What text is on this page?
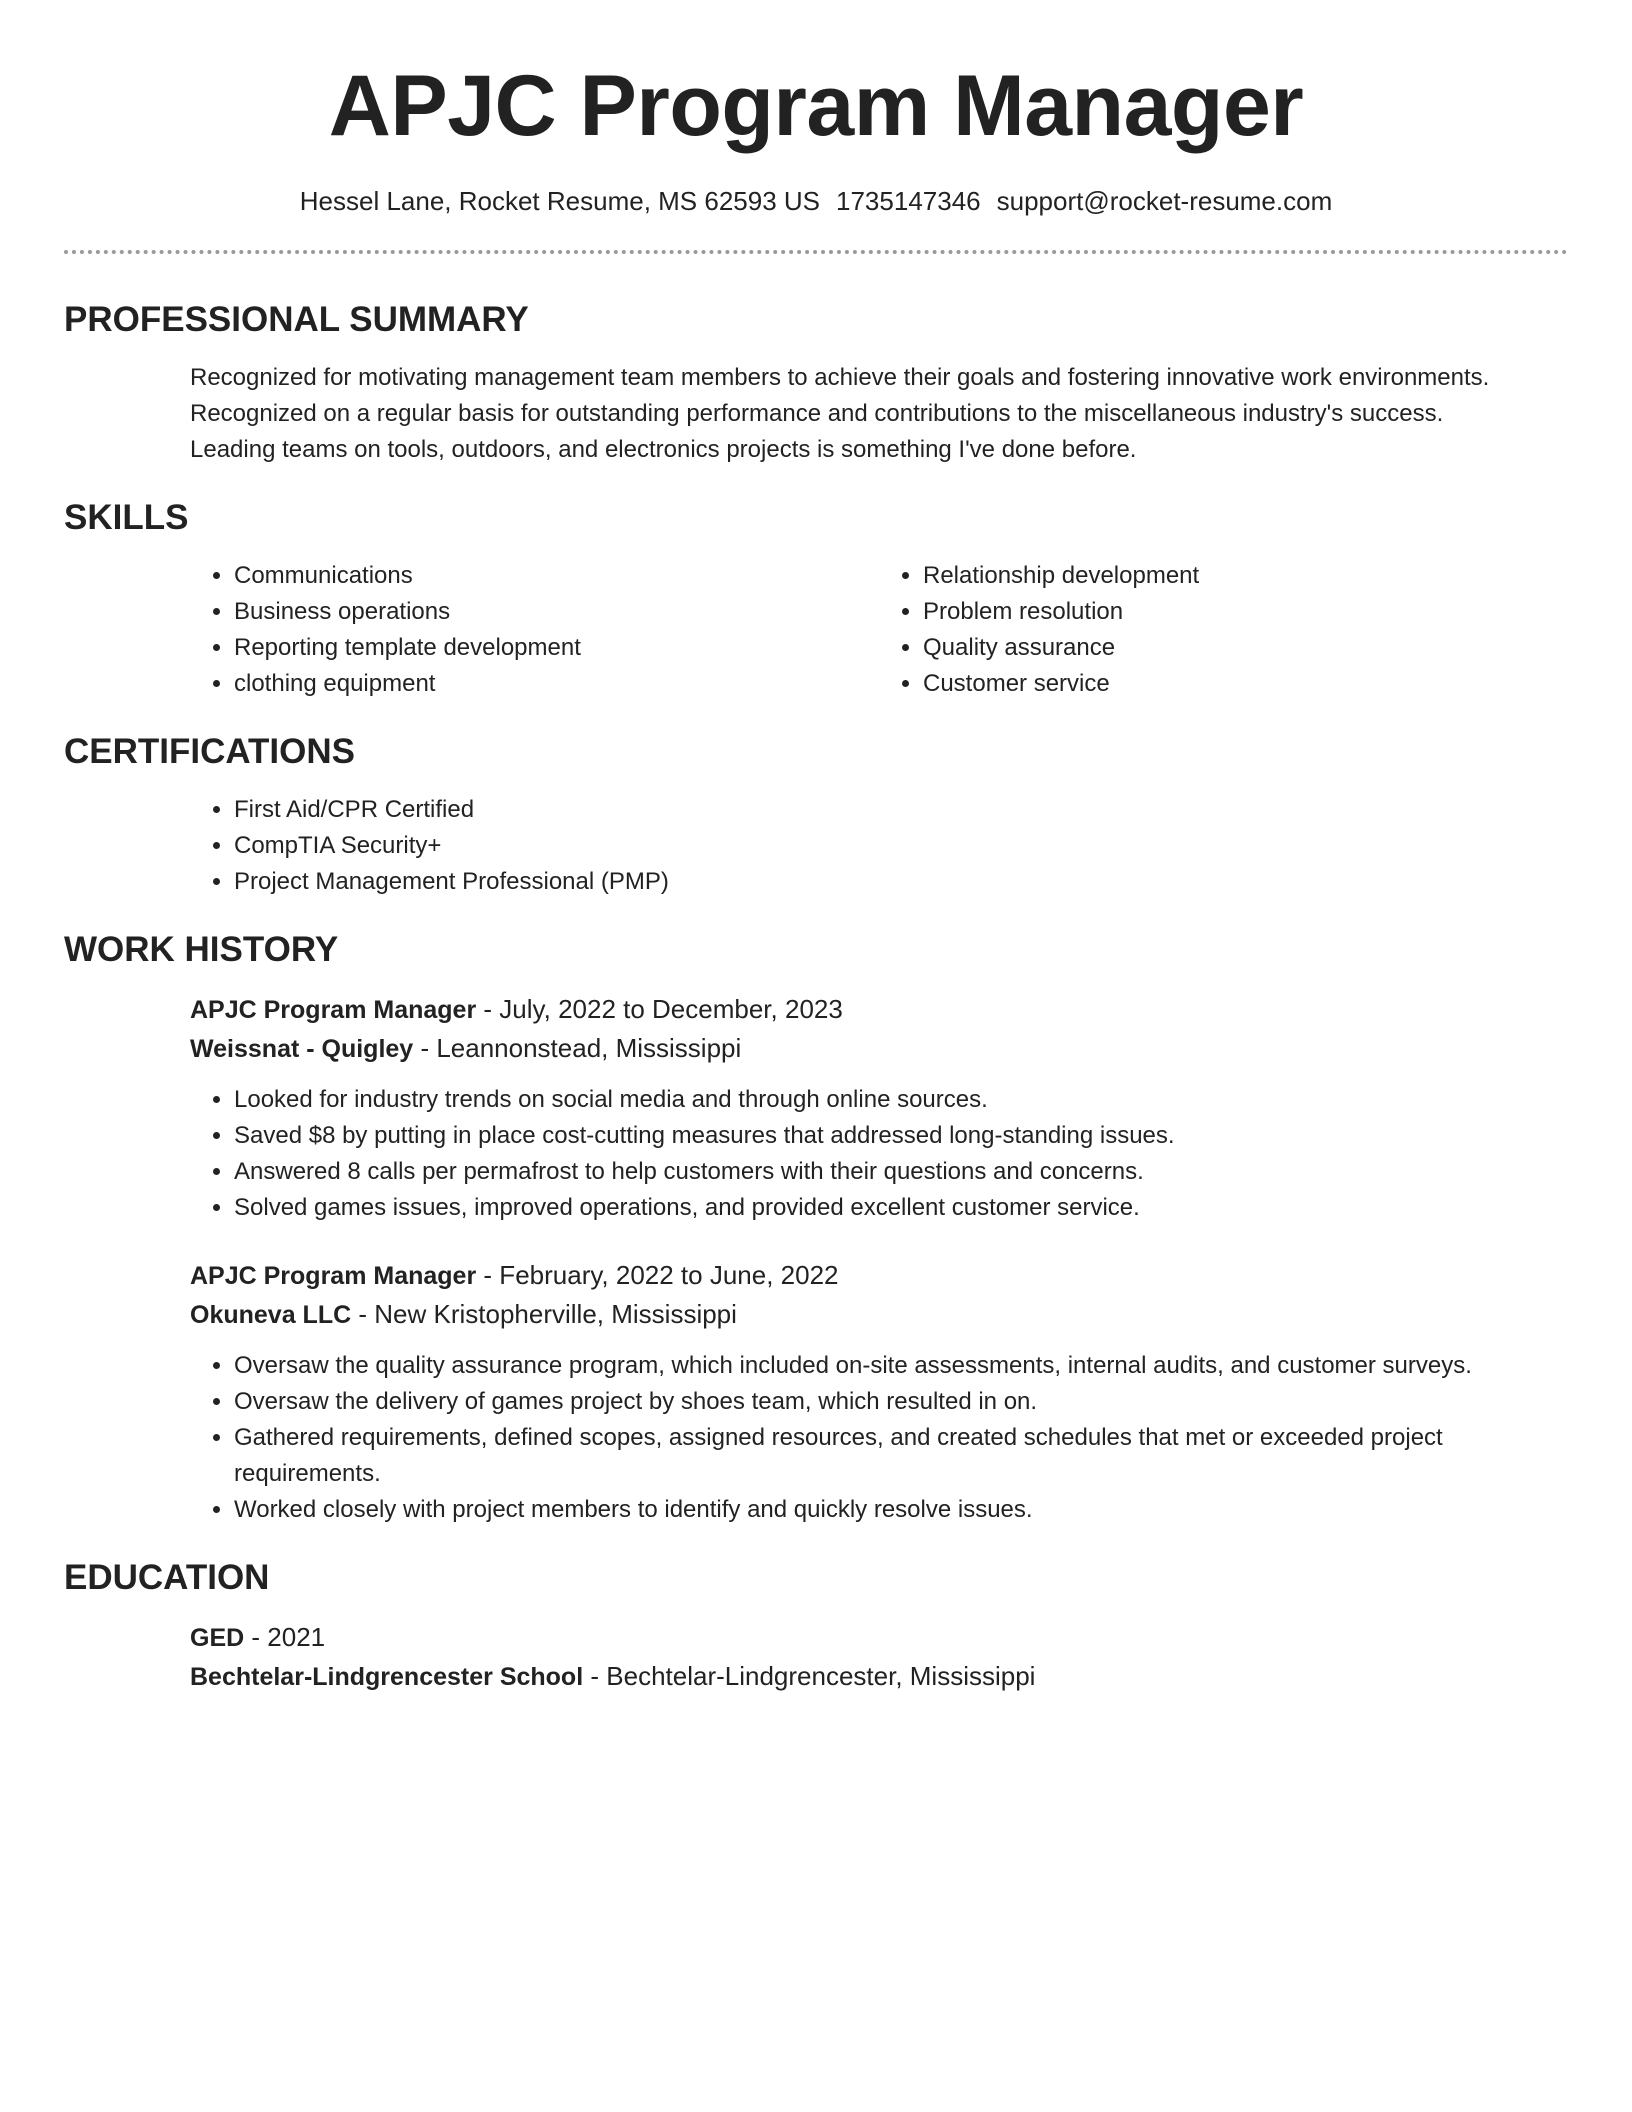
APJC Program Manager
Hessel Lane, Rocket Resume, MS 62593 US 1735147346 support@rocket-resume.com
PROFESSIONAL SUMMARY
Recognized for motivating management team members to achieve their goals and fostering innovative work environments.
Recognized on a regular basis for outstanding performance and contributions to the miscellaneous industry's success.
Leading teams on tools, outdoors, and electronics projects is something I've done before.
SKILLS
• Communications
• Business operations
• Reporting template development
• clothing equipment
• Relationship development
• Problem resolution
• Quality assurance
• Customer service
CERTIFICATIONS
• First Aid/CPR Certified
• CompTIA Security+
• Project Management Professional (PMP)
WORK HISTORY
APJC Program Manager - July, 2022 to December, 2023
Weissnat - Quigley - Leannonstead, Mississippi
• Looked for industry trends on social media and through online sources.
• Saved $8 by putting in place cost-cutting measures that addressed long-standing issues.
• Answered 8 calls per permafrost to help customers with their questions and concerns.
• Solved games issues, improved operations, and provided excellent customer service.
APJC Program Manager - February, 2022 to June, 2022
Okuneva LLC - New Kristopherville, Mississippi
• Oversaw the quality assurance program, which included on-site assessments, internal audits, and customer surveys.
• Oversaw the delivery of games project by shoes team, which resulted in on.
• Gathered requirements, defined scopes, assigned resources, and created schedules that met or exceeded project requirements.
• Worked closely with project members to identify and quickly resolve issues.
EDUCATION
GED - 2021
Bechtelar-Lindgrencester School - Bechtelar-Lindgrencester, Mississippi
